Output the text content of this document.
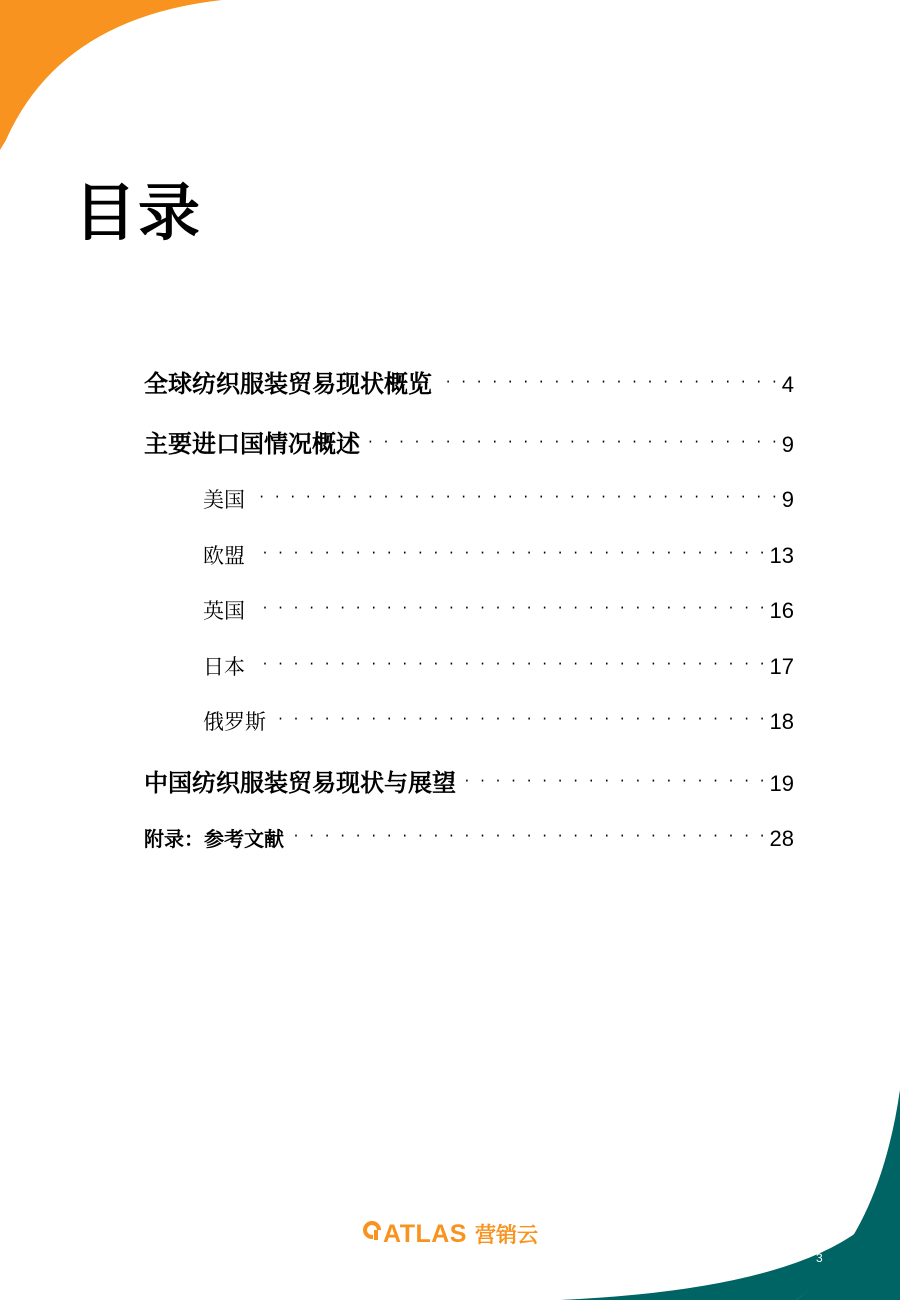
目录
全球纺织服装贸易现状概览 · · ·	4
主要进口国情况概述 · · ·	9
美国 · · ·	9
欧盟 · · ·	13
英国 · · ·	16
日本 · · ·	17
俄罗斯 · · ·	18
中国纺织服装贸易现状与展望 · · ·	19
附录：参考文献 · · ·	28
ATLAS 营销云
3
